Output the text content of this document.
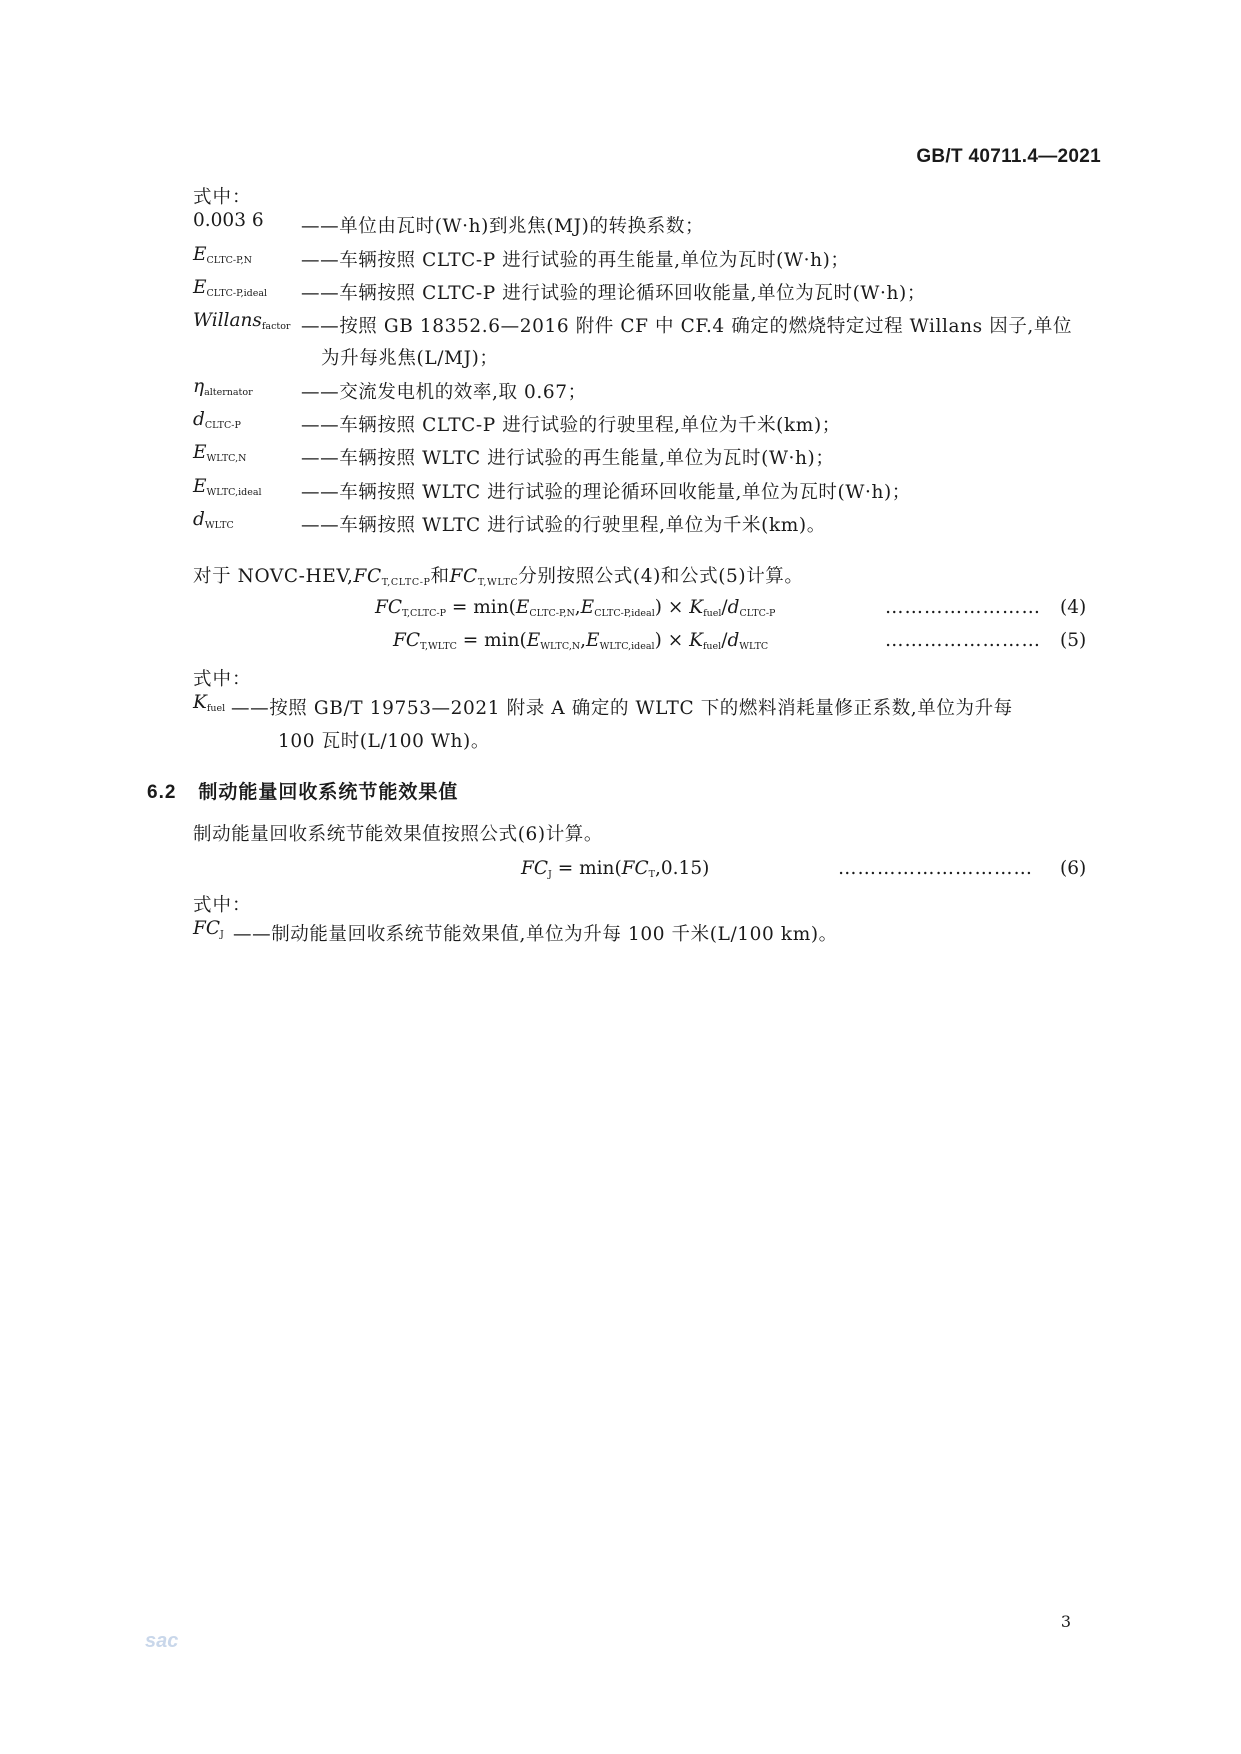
GB/T 40711.4—2021
式中：
0.003 6 ——单位由瓦时(W·h)到兆焦(MJ)的转换系数；
$E_{CLTC-P,N}$	——车辆按照 CLTC-P 进行试验的再生能量,单位为瓦时(W·h)；
$E_{CLTC-P,ideal}$ ——车辆按照 CLTC-P 进行试验的理论循环回收能量,单位为瓦时(W·h)；
Willans$_{factor}$ ——按照 GB 18352.6—2016 附件 CF 中 CF.4 确定的燃烧特定过程 Willans 因子,单位
为升每兆焦(L/MJ)；
$\eta_{alternator}$	——交流发电机的效率,取 0.67；
$d_{CLTC-P}$	——车辆按照 CLTC-P 进行试验的行驶里程,单位为千米(km)；
$E_{WLTC,N}$	——车辆按照 WLTC 进行试验的再生能量,单位为瓦时(W·h)；
$E_{WLTC,ideal}$ ——车辆按照 WLTC 进行试验的理论循环回收能量,单位为瓦时(W·h)；
$d_{WLTC}$	——车辆按照 WLTC 进行试验的行驶里程,单位为千米(km)。
对于 NOVC-$HEV,FC_{T,CLTC-P}$和$FC_{T,WLTC}$分别按照公式(4)和公式(5)计算。
$FC_{T,CLTC-P} = \min(E_{CLTC-P,N},E_{CLTC-P,ideal}) \times K_{fuel}/d_{CLTC-P}$	…………………… (4)
$FC_{T,WLTC} = \min(E_{WLTC,N},E_{WLTC,ideal}) \times K_{fuel}/d_{WLTC}$	…………………… (5)
式中：
$K_{fuel}$ ——按照 GB/T 19753—2021 附录 A 确定的 WLTC 下的燃料消耗量修正系数,单位为升每
100 瓦时(L/100 Wh)。
6.2 制动能量回收系统节能效果值
制动能量回收系统节能效果值按照公式(6)计算。
$FC_J = \min(FC_T,0.15)$	………………………… (6)
式中：
$FC_J$ ——制动能量回收系统节能效果值,单位为升每 100 千米(L/100 km)。
3
sac
